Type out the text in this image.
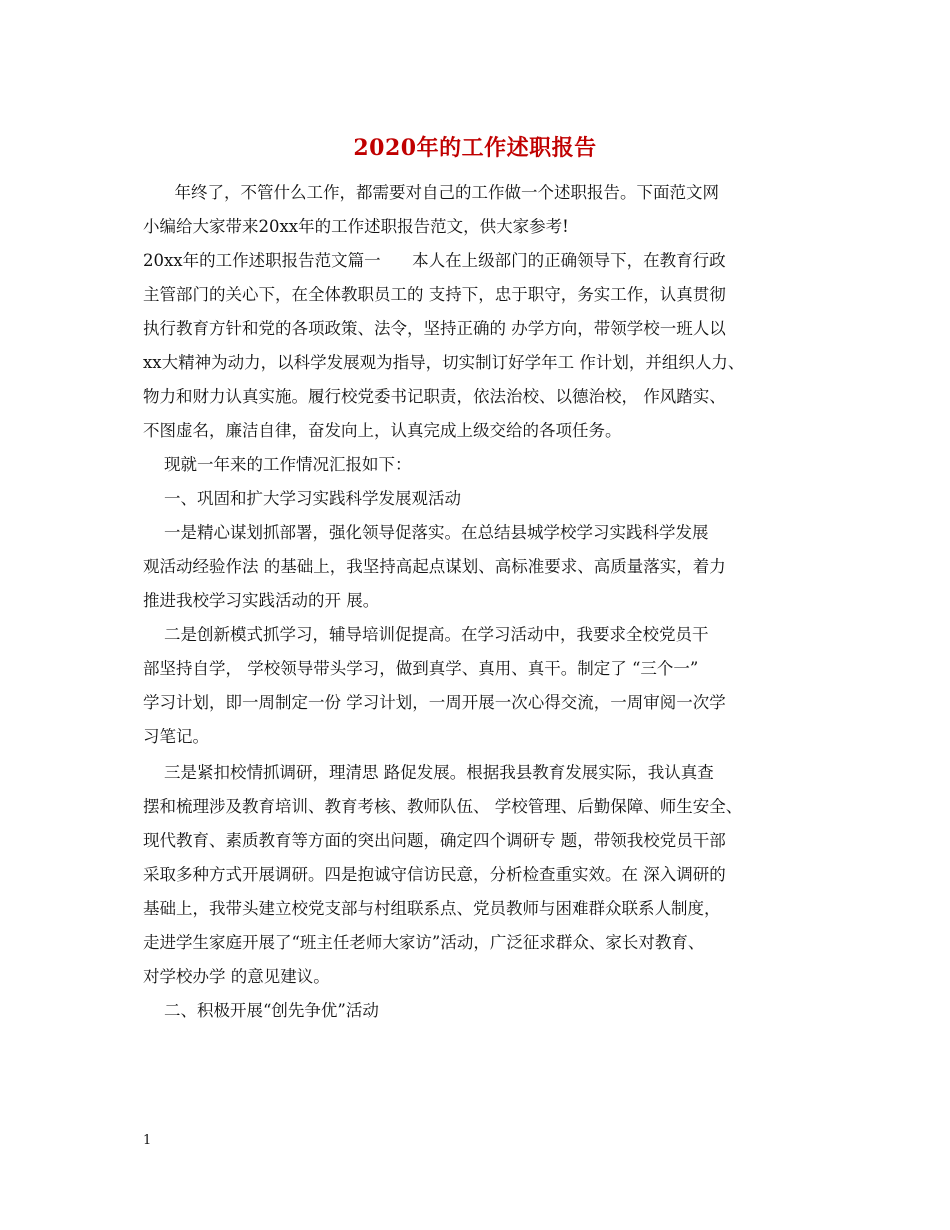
2020年的工作述职报告
年终了，不管什么工作，都需要对自己的工作做一个述职报告。下面范文网
小编给大家带来20xx年的工作述职报告范文，供大家参考!
20xx年的工作述职报告范文篇一      本人在上级部门的正确领导下，在教育行政
主管部门的关心下，在全体教职员工的 支持下，忠于职守，务实工作，认真贯彻
执行教育方针和党的各项政策、法令，坚持正确的 办学方向，带领学校一班人以
xx大精神为动力，以科学发展观为指导，切实制订好学年工 作计划，并组织人力、
物力和财力认真实施。履行校党委书记职责，依法治校、以德治校， 作风踏实、
不图虚名，廉洁自律，奋发向上，认真完成上级交给的各项任务。
现就一年来的工作情况汇报如下：
一、巩固和扩大学习实践科学发展观活动
一是精心谋划抓部署，强化领导促落实。在总结县城学校学习实践科学发展
观活动经验作法 的基础上，我坚持高起点谋划、高标准要求、高质量落实，着力
推进我校学习实践活动的开 展。
二是创新模式抓学习，辅导培训促提高。在学习活动中，我要求全校党员干
部坚持自学， 学校领导带头学习，做到真学、真用、真干。制定了 “三个一”
学习计划，即一周制定一份 学习计划，一周开展一次心得交流，一周审阅一次学
习笔记。
三是紧扣校情抓调研，理清思 路促发展。根据我县教育发展实际，我认真查
摆和梳理涉及教育培训、教育考核、教师队伍、 学校管理、后勤保障、师生安全、
现代教育、素质教育等方面的突出问题，确定四个调研专 题，带领我校党员干部
采取多种方式开展调研。四是抱诚守信访民意，分析检查重实效。在 深入调研的
基础上，我带头建立校党支部与村组联系点、党员教师与困难群众联系人制度，
走进学生家庭开展了“班主任老师大家访”活动，广泛征求群众、家长对教育、
对学校办学 的意见建议。
二、积极开展“创先争优”活动
1
